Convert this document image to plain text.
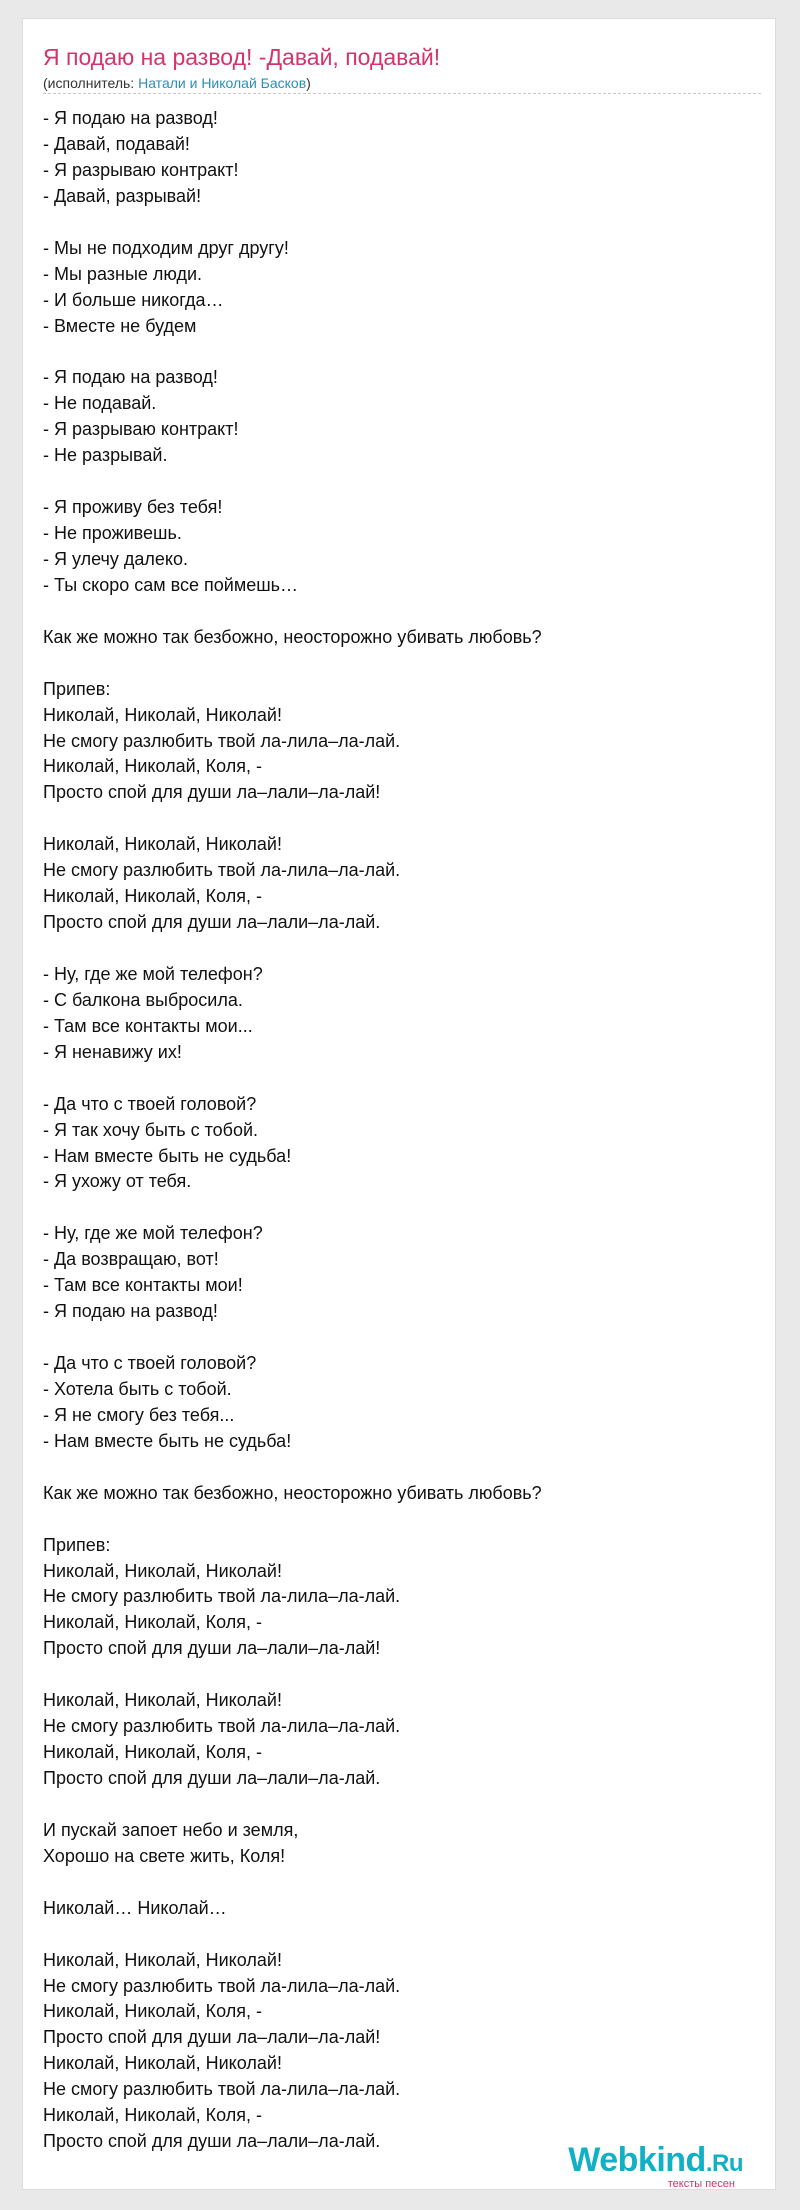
Я подаю на развод! -Давай, подавай!
(исполнитель: Натали и Николай Басков)
- Я подаю на развод!
- Давай, подавай!
- Я разрываю контракт!
- Давай, разрывай!
- Мы не подходим друг другу!
- Мы разные люди.
- И больше никогда…
- Вместе не будем
- Я подаю на развод!
- Не подавай.
- Я разрываю контракт!
- Не разрывай.
- Я проживу без тебя!
- Не проживешь.
- Я улечу далеко.
- Ты скоро сам все поймешь…
Как же можно так безбожно, неосторожно убивать любовь?
Припев:
Николай, Николай, Николай!
Не смогу разлюбить твой ла-лила–ла-лай.
Николай, Николай, Коля, -
Просто спой для души ла–лали–ла-лай!
Николай, Николай, Николай!
Не смогу разлюбить твой ла-лила–ла-лай.
Николай, Николай, Коля, -
Просто спой для души ла–лали–ла-лай.
- Ну, где же мой телефон?
- С балкона выбросила.
- Там все контакты мои...
- Я ненавижу их!
- Да что с твоей головой?
- Я так хочу быть с тобой.
- Нам вместе быть не судьба!
- Я ухожу от тебя.
- Ну, где же мой телефон?
- Да возвращаю, вот!
- Там все контакты мои!
- Я подаю на развод!
- Да что с твоей головой?
- Хотела быть с тобой.
- Я не смогу без тебя...
- Нам вместе быть не судьба!
Как же можно так безбожно, неосторожно убивать любовь?
Припев:
Николай, Николай, Николай!
Не смогу разлюбить твой ла-лила–ла-лай.
Николай, Николай, Коля, -
Просто спой для души ла–лали–ла-лай!
Николай, Николай, Николай!
Не смогу разлюбить твой ла-лила–ла-лай.
Николай, Николай, Коля, -
Просто спой для души ла–лали–ла-лай.
И пускай запоет небо и земля,
Хорошо на свете жить, Коля!
Николай… Николай…
Николай, Николай, Николай!
Не смогу разлюбить твой ла-лила–ла-лай.
Николай, Николай, Коля, -
Просто спой для души ла–лали–ла-лай!
Николай, Николай, Николай!
Не смогу разлюбить твой ла-лила–ла-лай.
Николай, Николай, Коля, -
Просто спой для души ла–лали–ла-лай.	Webkind.Ru
тексты песен
